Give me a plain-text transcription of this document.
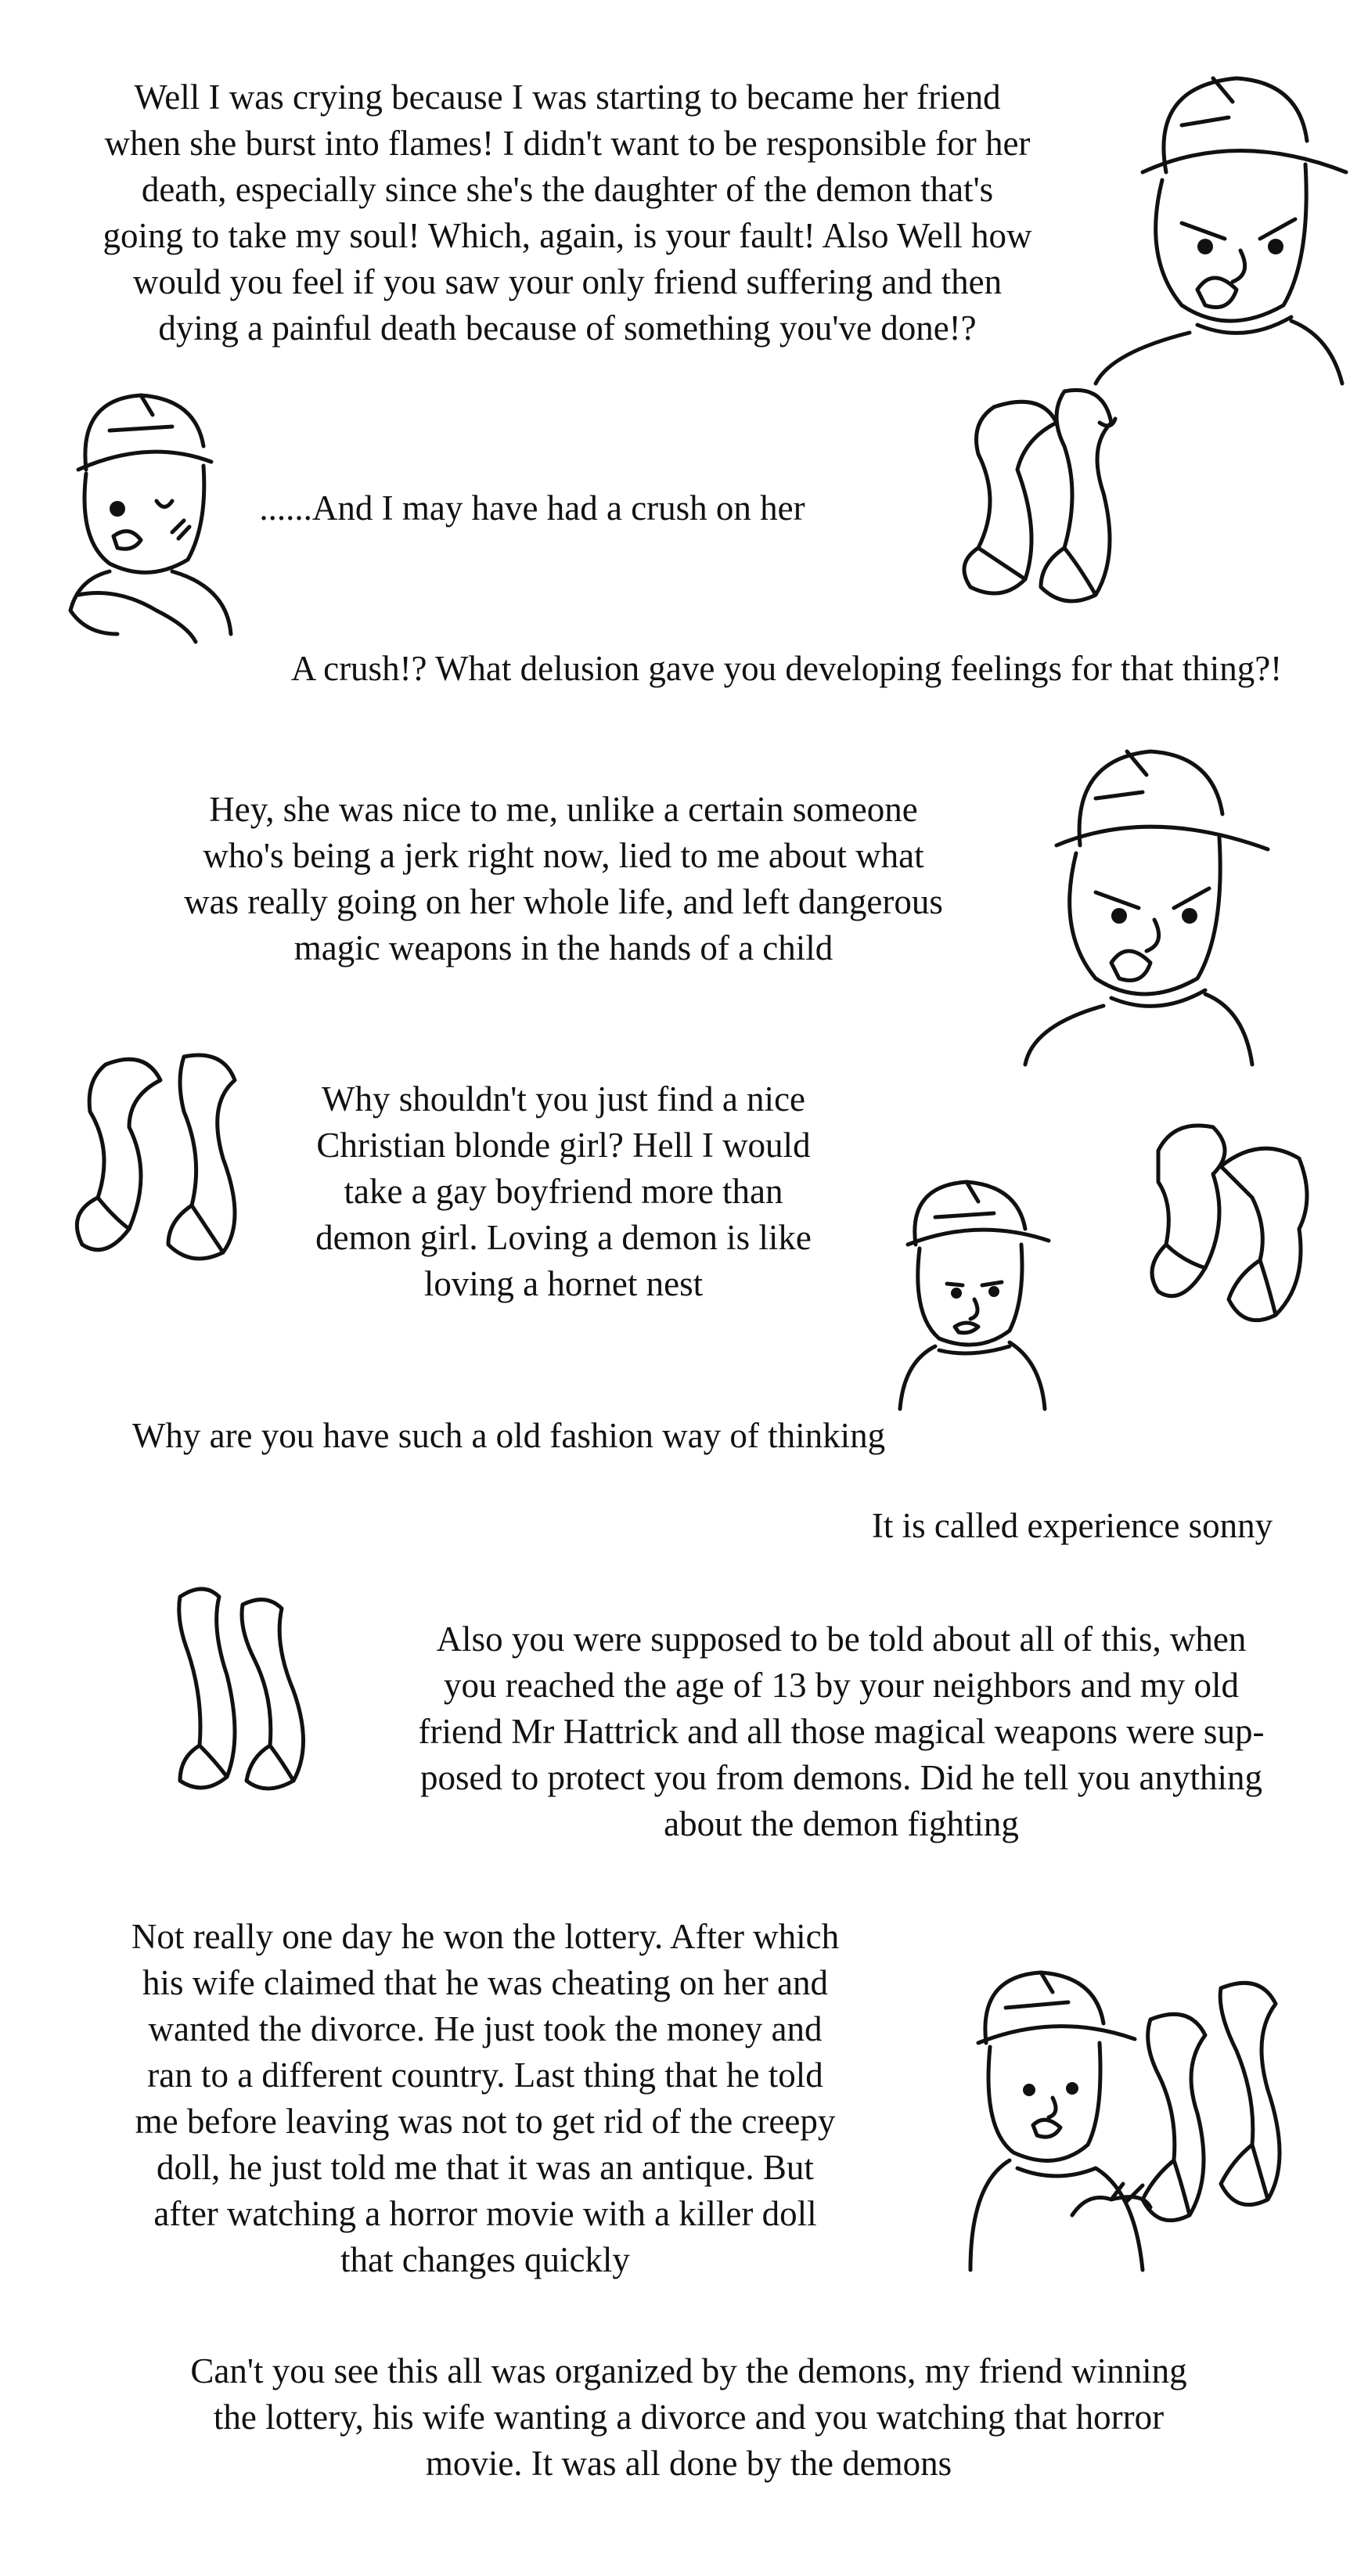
Well I was crying because I was starting to became her friend
when she burst into flames! I didn't want to be responsible for her
death, especially since she's the daughter of the demon that's
going to take my soul! Which, again, is your fault! Also Well how
would you feel if you saw your only friend suffering and then
dying a painful death because of something you've done!?

......And I may have had a crush on her

A crush!? What delusion gave you developing feelings for that thing?!

Hey, she was nice to me, unlike a certain someone
who's being a jerk right now, lied to me about what
was really going on her whole life, and left dangerous
magic weapons in the hands of a child

Why shouldn't you just find a nice
Christian blonde girl? Hell I would
take a gay boyfriend more than
demon girl. Loving a demon is like
loving a hornet nest

Why are you have such a old fashion way of thinking

It is called experience sonny

Also you were supposed to be told about all of this, when
you reached the age of 13 by your neighbors and my old
friend Mr Hattrick and all those magical weapons were sup-
posed to protect you from demons. Did he tell you anything
about the demon fighting

Not really one day he won the lottery. After which
his wife claimed that he was cheating on her and
wanted the divorce. He just took the money and
ran to a different country. Last thing that he told
me before leaving was not to get rid of the creepy
doll, he just told me that it was an antique. But
after watching a horror movie with a killer doll
that changes quickly

Can't you see this all was organized by the demons, my friend winning
the lottery, his wife wanting a divorce and you watching that horror
movie. It was all done by the demons
